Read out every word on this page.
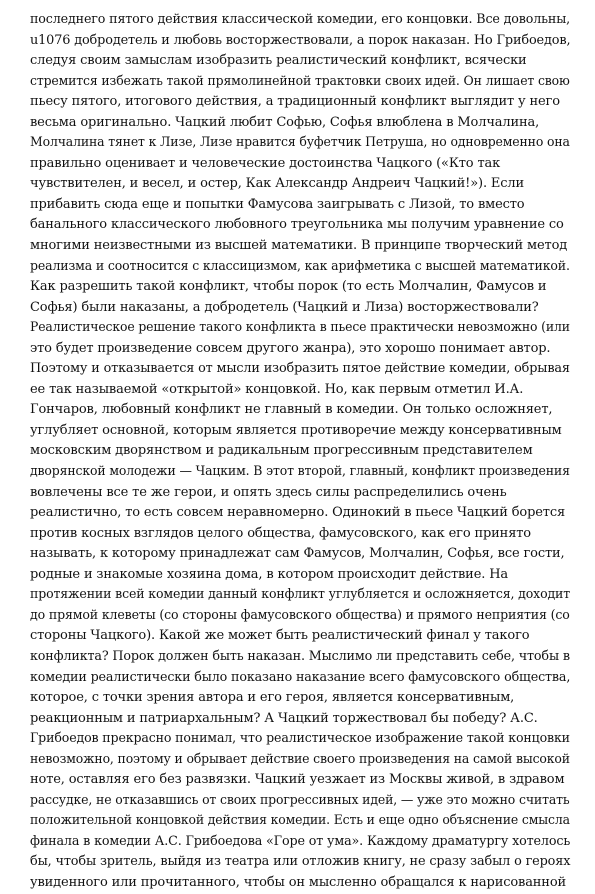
последнего пятого действия классической комедии, его концовки. Все довольны,
u1076 добродетель и любовь восторжествовали, а порок наказан. Но Грибоедов,
следуя своим замыслам изобразить реалистический конфликт, всячески
стремится избежать такой прямолинейной трактовки своих идей. Он лишает свою
пьесу пятого, итогового действия, а традиционный конфликт выглядит у него
весьма оригинально. Чацкий любит Софью, Софья влюблена в Молчалина,
Молчалина тянет к Лизе, Лизе нравится буфетчик Петруша, но одновременно она
правильно оценивает и человеческие достоинства Чацкого («Кто так
чувствителен, и весел, и остер, Как Александр Андреич Чацкий!»). Если
прибавить сюда еще и попытки Фамусова заигрывать с Лизой, то вместо
банального классического любовного треугольника мы получим уравнение со
многими неизвестными из высшей математики. В принципе творческий метод
реализма и соотносится с классицизмом, как арифметика с высшей математикой.
Как разрешить такой конфликт, чтобы порок (то есть Молчалин, Фамусов и
Софья) были наказаны, а добродетель (Чацкий и Лиза) восторжествовали?
Реалистическое решение такого конфликта в пьесе практически невозможно (или
это будет произведение совсем другого жанра), это хорошо понимает автор.
Поэтому и отказывается от мысли изобразить пятое действие комедии, обрывая
ее так называемой «открытой» концовкой. Но, как первым отметил И.А.
Гончаров, любовный конфликт не главный в комедии. Он только осложняет,
углубляет основной, которым является противоречие между консервативным
московским дворянством и радикальным прогрессивным представителем
дворянской молодежи — Чацким. В этот второй, главный, конфликт произведения
вовлечены все те же герои, и опять здесь силы распределились очень
реалистично, то есть совсем неравномерно. Одинокий в пьесе Чацкий борется
против косных взглядов целого общества, фамусовского, как его принято
называть, к которому принадлежат сам Фамусов, Молчалин, Софья, все гости,
родные и знакомые хозяина дома, в котором происходит действие. На
протяжении всей комедии данный конфликт углубляется и осложняется, доходит
до прямой клеветы (со стороны фамусовского общества) и прямого неприятия (со
стороны Чацкого). Какой же может быть реалистический финал у такого
конфликта? Порок должен быть наказан. Мыслимо ли представить себе, чтобы в
комедии реалистически было показано наказание всего фамусовского общества,
которое, с точки зрения автора и его героя, является консервативным,
реакционным и патриархальным? А Чацкий торжествовал бы победу? А.С.
Грибоедов прекрасно понимал, что реалистическое изображение такой концовки
невозможно, поэтому и обрывает действие своего произведения на самой высокой
ноте, оставляя его без развязки. Чацкий уезжает из Москвы живой, в здравом
рассудке, не отказавшись от своих прогрессивных идей, — уже это можно считать
положительной концовкой действия комедии. Есть и еще одно объяснение смысла
финала в комедии А.С. Грибоедова «Горе от ума». Каждому драматургу хотелось
бы, чтобы зритель, выйдя из театра или отложив книгу, не сразу забыл о героях
увиденного или прочитанного, чтобы он мысленно обращался к нарисованной
